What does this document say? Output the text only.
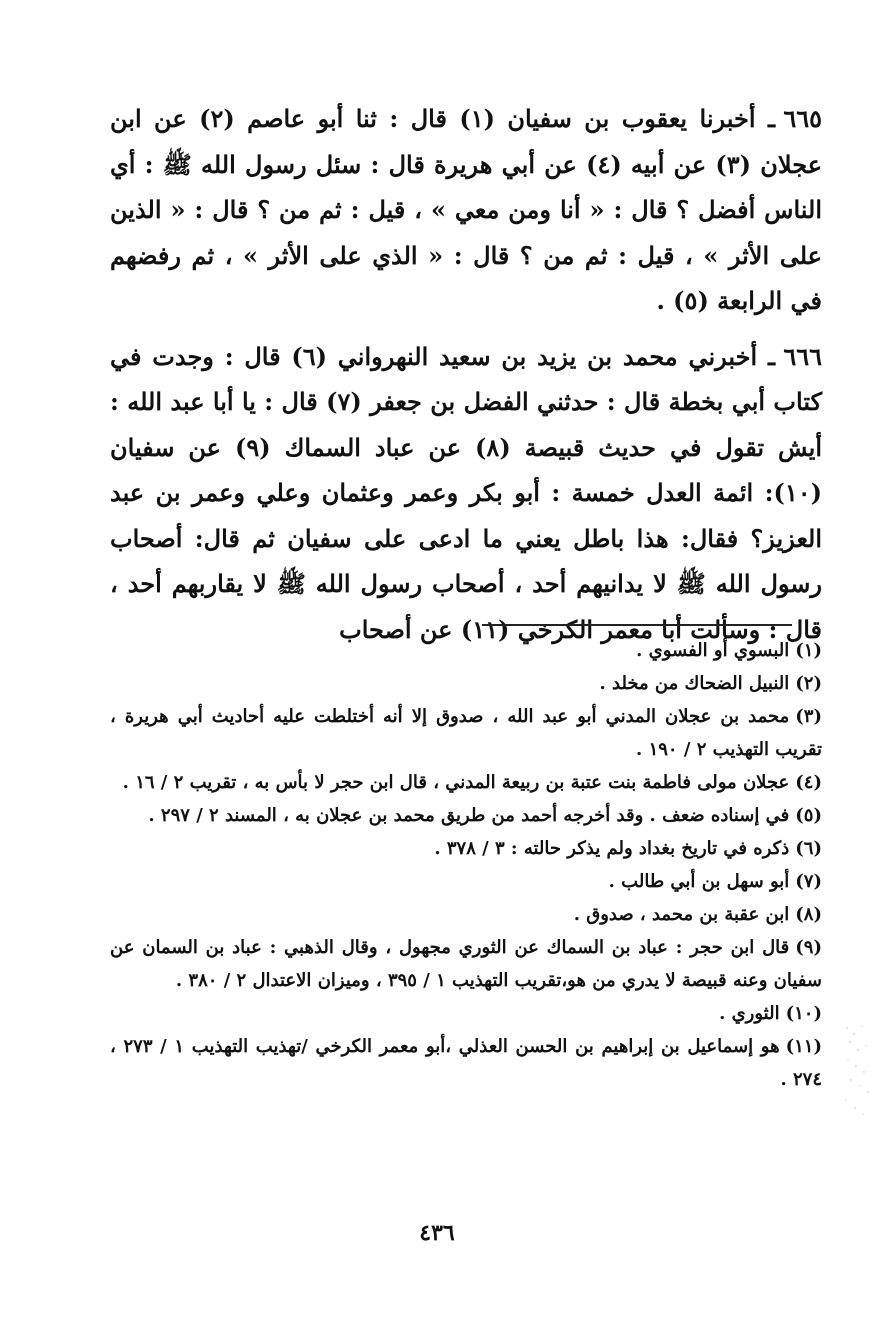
٦٦٥ ـ أخبرنا يعقوب بن سفيان (١) قال : ثنا أبو عاصم (٢) عن ابن عجلان (٣) عن أبيه (٤) عن أبي هريرة قال : سئل رسول الله ﷺ : أي الناس أفضل ؟ قال : « أنا ومن معي » ، قيل : ثم من ؟ قال : « الذين على الأثر » ، قيل : ثم من ؟ قال : « الذي على الأثر » ، ثم رفضهم في الرابعة (٥) .

٦٦٦ ـ أخبرني محمد بن يزيد بن سعيد النهرواني (٦) قال : وجدت في كتاب أبي بخطة قال : حدثني الفضل بن جعفر (٧) قال : يا أبا عبد الله : أيش تقول في حديث قبيصة (٨) عن عباد السماك (٩) عن سفيان (١٠): ائمة العدل خمسة : أبو بكر وعمر وعثمان وعلي وعمر بن عبد العزيز؟ فقال: هذا باطل يعني ما ادعى على سفيان ثم قال: أصحاب رسول الله ﷺ لا يدانيهم أحد ، أصحاب رسول الله ﷺ لا يقاربهم أحد ، قال : وسألت أبا معمر الكرخي (١١) عن أصحاب

(١)البسوي أو الفسوي .

(٢)النبيل الضحاك من مخلد .

(٣)محمد بن عجلان المدني أبو عبد الله ، صدوق إلا أنه أختلطت عليه أحاديث أبي هريرة ، تقريب التهذيب ٢ / ١٩٠ .

(٤)عجلان مولى فاطمة بنت عتبة بن ربيعة المدني ، قال ابن حجر لا بأس به ، تقريب ٢ / ١٦ .

(٥)في إسناده ضعف . وقد أخرجه أحمد من طريق محمد بن عجلان به ، المسند ٢ / ٢٩٧ .

(٦)ذكره في تاريخ بغداد ولم يذكر حالته : ٣ / ٣٧٨ .

(٧)أبو سهل بن أبي طالب .

(٨)ابن عقبة بن محمد ، صدوق .

(٩)قال ابن حجر : عباد بن السماك عن الثوري مجهول ، وقال الذهبي : عباد بن السمان عن سفيان وعنه قبيصة لا يدري من هو،تقريب التهذيب ١ / ٣٩٥ ، وميزان الاعتدال ٢ / ٣٨٠ .

(١٠)الثوري .

(١١)هو إسماعيل بن إبراهيم بن الحسن العذلي ،أبو معمر الكرخي /تهذيب التهذيب ١ / ٢٧٣ ، ٢٧٤ .

٤٣٦
